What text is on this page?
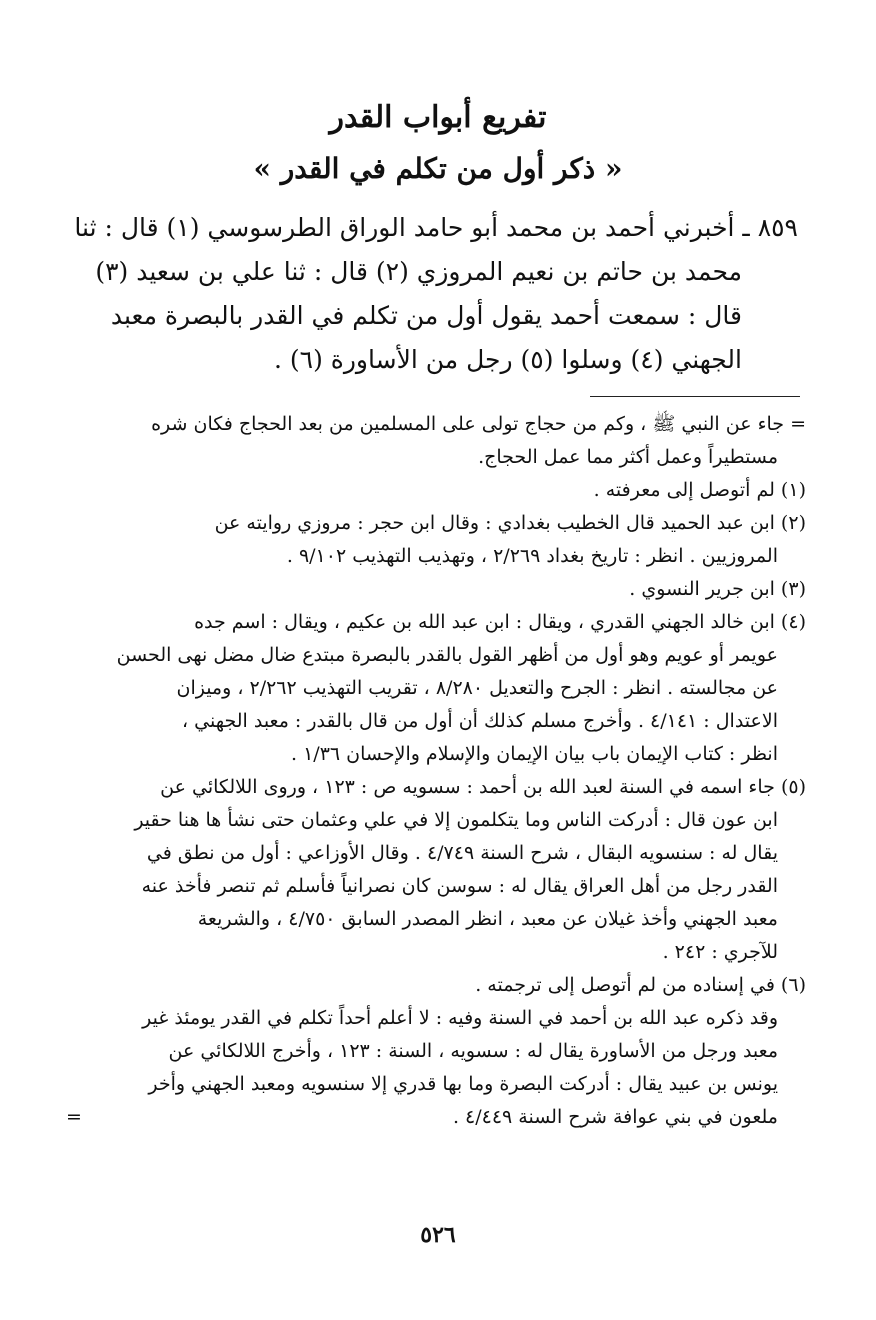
تفريع أبواب القدر
« ذكر أول من تكلم في القدر »
٨٥٩ ـ أخبرني أحمد بن محمد أبو حامد الوراق الطرسوسي (١) قال : ثنا
محمد بن حاتم بن نعيم المروزي (٢) قال : ثنا علي بن سعيد (٣)
قال : سمعت أحمد يقول أول من تكلم في القدر بالبصرة معبد
الجهني (٤) وسلوا (٥) رجل من الأساورة (٦) .
= جاء عن النبي ﷺ ، وكم من حجاج تولى على المسلمين من بعد الحجاج فكان شره
مستطيراً وعمل أكثر مما عمل الحجاج.
(١) لم أتوصل إلى معرفته .
(٢) ابن عبد الحميد قال الخطيب بغدادي : وقال ابن حجر : مروزي روايته عن
المروزيين . انظر : تاريخ بغداد ٢/٢٦٩ ، وتهذيب التهذيب ٩/١٠٢ .
(٣) ابن جرير النسوي .
(٤) ابن خالد الجهني القدري ، ويقال : ابن عبد الله بن عكيم ، ويقال : اسم جده
عويمر أو عويم وهو أول من أظهر القول بالقدر بالبصرة مبتدع ضال مضل نهى الحسن
عن مجالسته . انظر : الجرح والتعديل ٨/٢٨٠ ، تقريب التهذيب ٢/٢٦٢ ، وميزان
الاعتدال : ٤/١٤١ . وأخرج مسلم كذلك أن أول من قال بالقدر : معبد الجهني ،
انظر : كتاب الإيمان باب بيان الإيمان والإسلام والإحسان ١/٣٦ .
(٥) جاء اسمه في السنة لعبد الله بن أحمد : سسويه ص : ١٢٣ ، وروى اللالكائي عن
ابن عون قال : أدركت الناس وما يتكلمون إلا في علي وعثمان حتى نشأ ها هنا حقير
يقال له : سنسويه البقال ، شرح السنة ٤/٧٤٩ . وقال الأوزاعي : أول من نطق في
القدر رجل من أهل العراق يقال له : سوسن كان نصرانياً فأسلم ثم تنصر فأخذ عنه
معبد الجهني وأخذ غيلان عن معبد ، انظر المصدر السابق ٤/٧٥٠ ، والشريعة
للآجري : ٢٤٢ .
(٦) في إسناده من لم أتوصل إلى ترجمته .
وقد ذكره عبد الله بن أحمد في السنة وفيه : لا أعلم أحداً تكلم في القدر يومئذ غير
معبد ورجل من الأساورة يقال له : سسويه ، السنة : ١٢٣ ، وأخرج اللالكائي عن
يونس بن عبيد يقال : أدركت البصرة وما بها قدري إلا سنسويه ومعبد الجهني وأخر
ملعون في بني عوافة شرح السنة ٤/٤٤٩ .
=
٥٢٦
